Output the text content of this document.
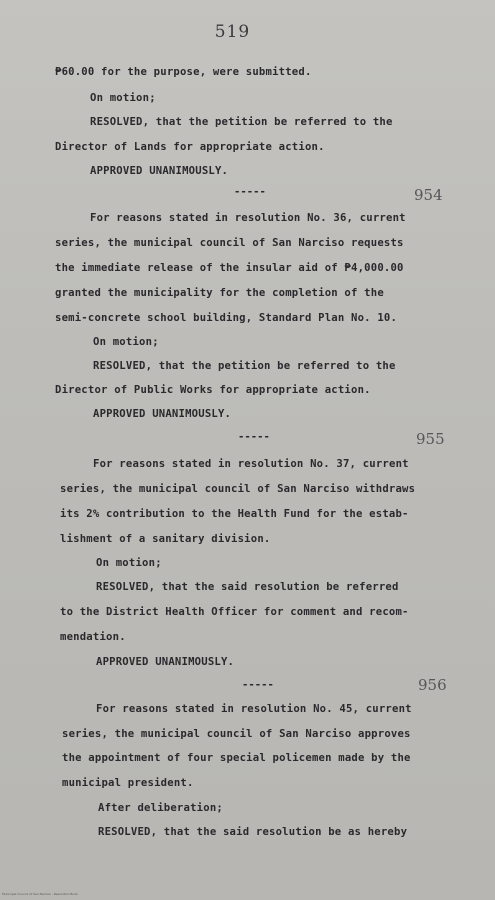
519
₱60.00 for the purpose, were submitted.
On motion;
RESOLVED, that the petition be referred to the
Director of Lands for appropriate action.
APPROVED UNANIMOUSLY.
-----	954
For reasons stated in resolution No. 36, current
series, the municipal council of San Narciso requests
the immediate release of the insular aid of ₱4,000.00
granted the municipality for the completion of the
semi-concrete school building, Standard Plan No. 10.
On motion;
RESOLVED, that the petition be referred to the
Director of Public Works for appropriate action.
APPROVED UNANIMOUSLY.
-----	955
For reasons stated in resolution No. 37, current
series, the municipal council of San Narciso withdraws
its 2% contribution to the Health Fund for the estab-
lishment of a sanitary division.
On motion;
RESOLVED, that the said resolution be referred
to the District Health Officer for comment and recom-
mendation.
APPROVED UNANIMOUSLY.
-----	956
For reasons stated in resolution No. 45, current
series, the municipal council of San Narciso approves
the appointment of four special policemen made by the
municipal president.
After deliberation;
RESOLVED, that the said resolution be as hereby
Municipal Council of San Narciso - Resolution Book
